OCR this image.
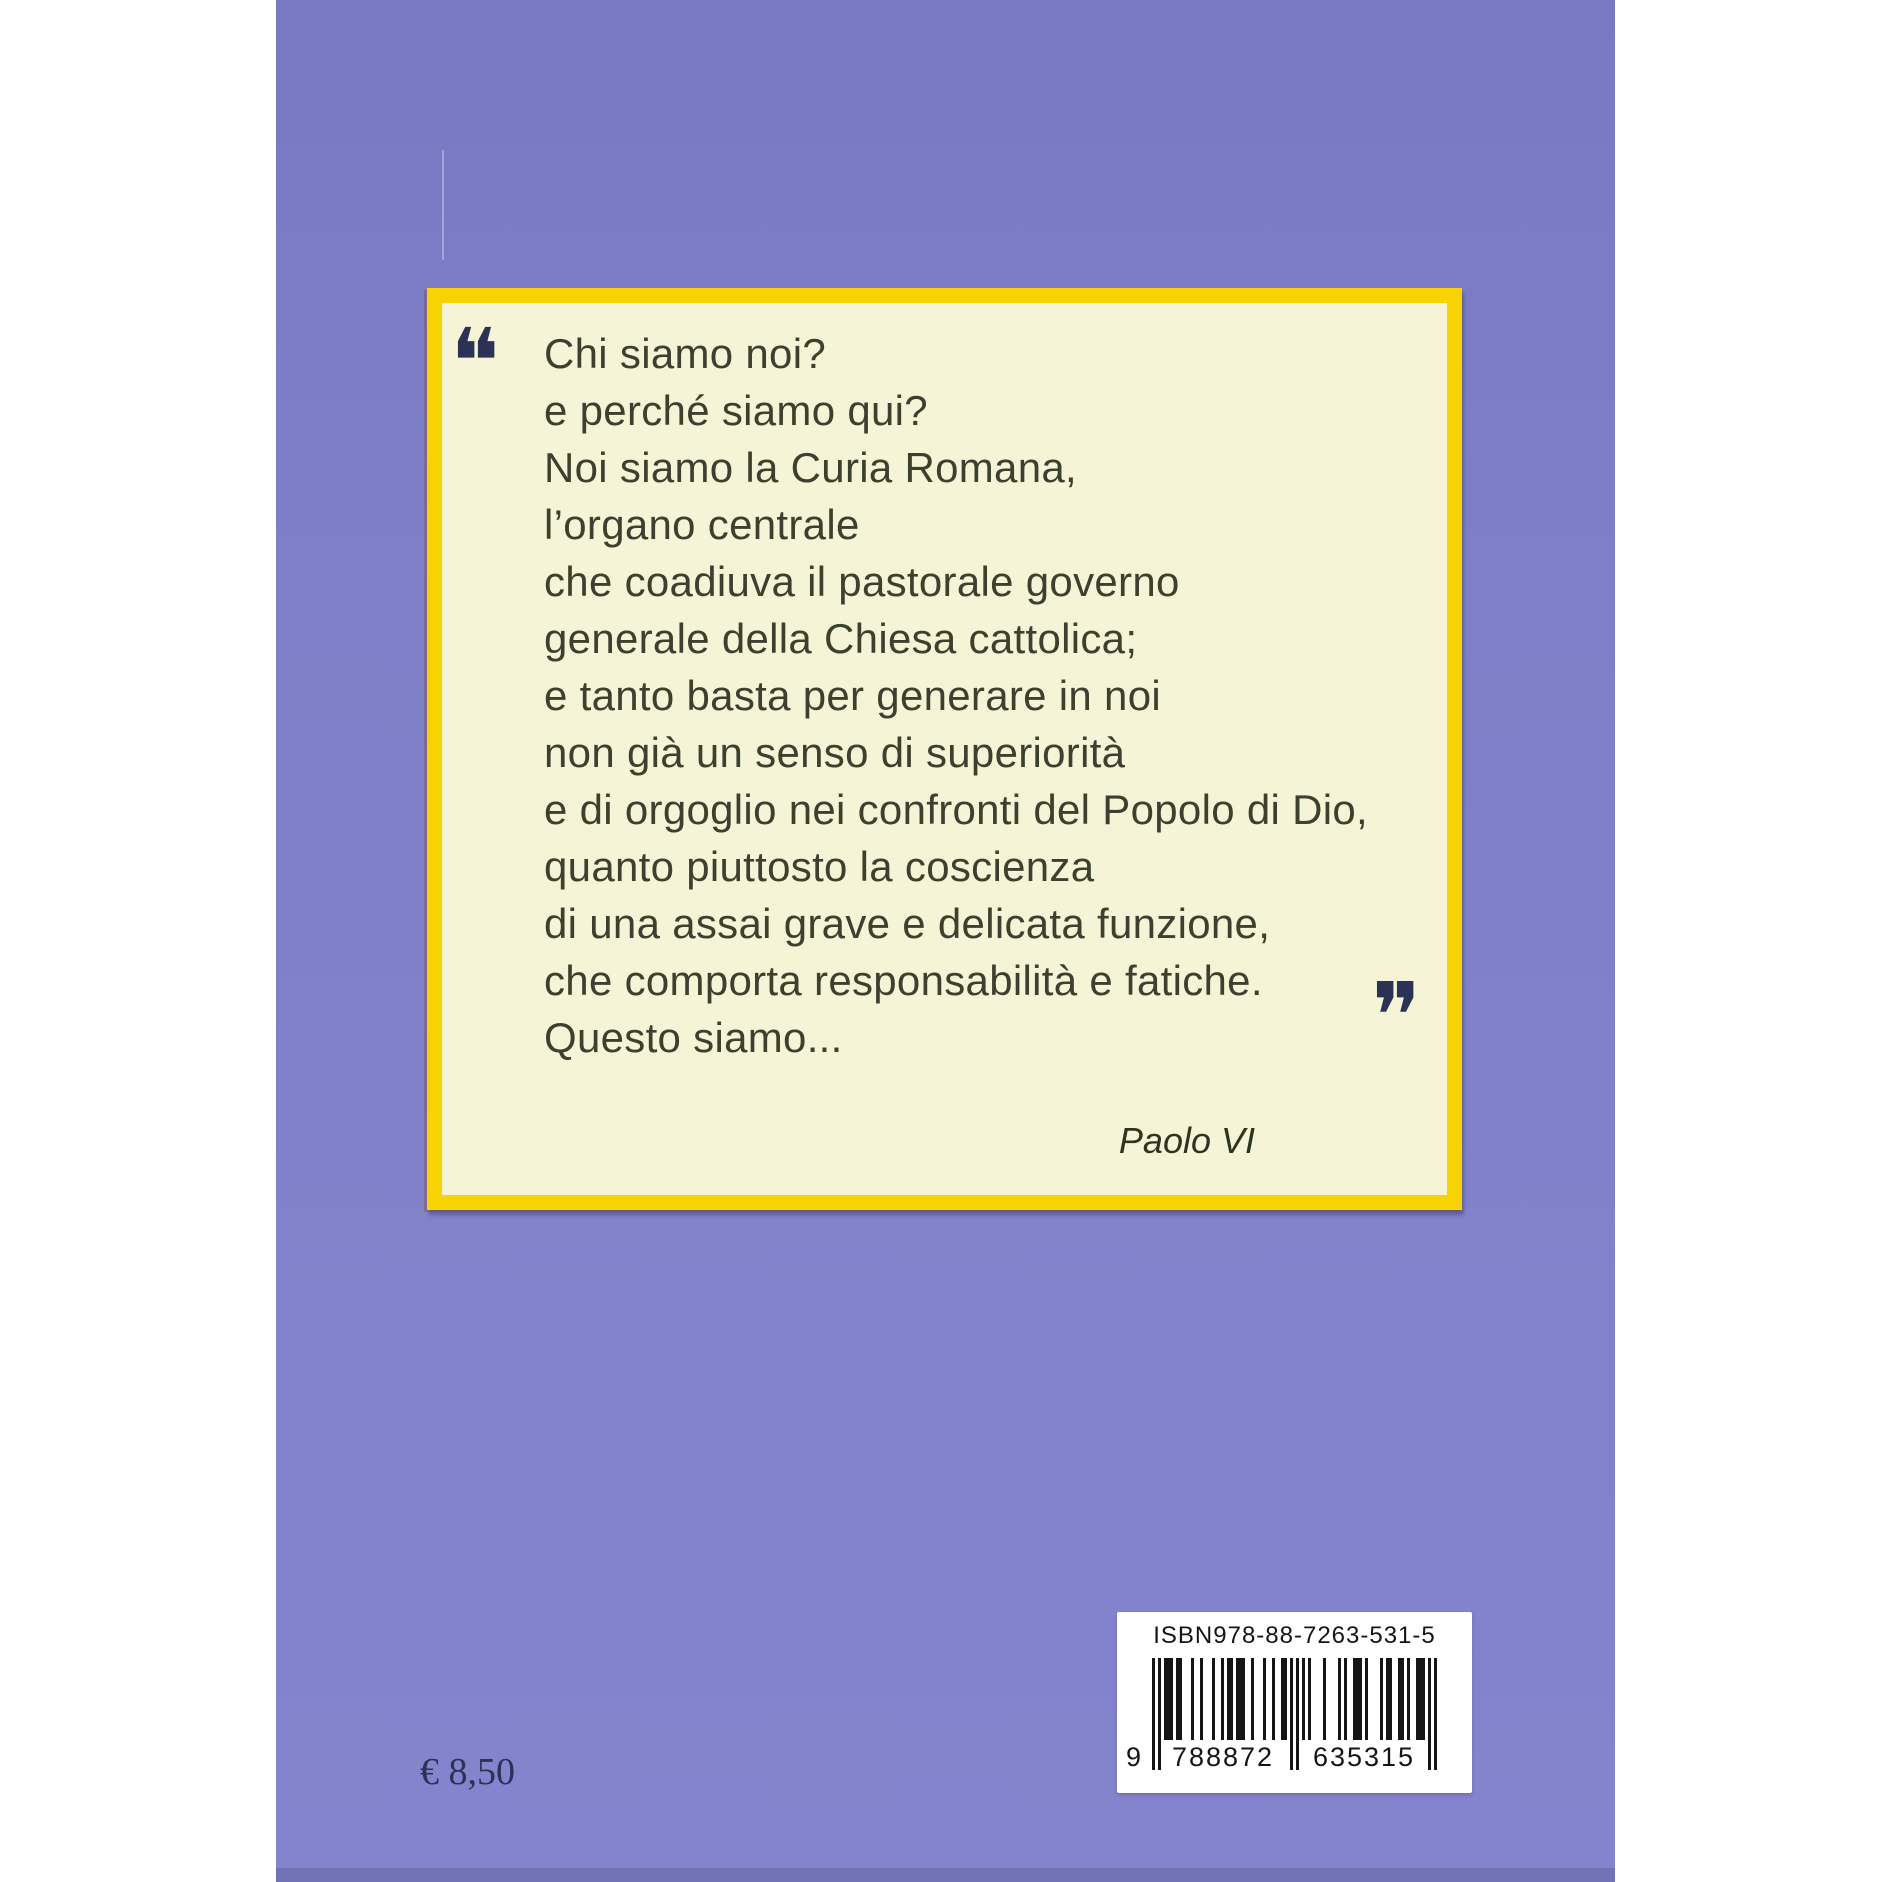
❝ Chi siamo noi?
e perché siamo qui?
Noi siamo la Curia Romana,
l’organo centrale
che coadiuva il pastorale governo
generale della Chiesa cattolica;
e tanto basta per generare in noi
non già un senso di superiorità
e di orgoglio nei confronti del Popolo di Dio,
quanto piuttosto la coscienza
di una assai grave e delicata funzione,
che comporta responsabilità e fatiche.
Questo siamo...	❞
Paolo VI
€ 8,50
ISBN978-88-7263-531-5
9 788872 635315
